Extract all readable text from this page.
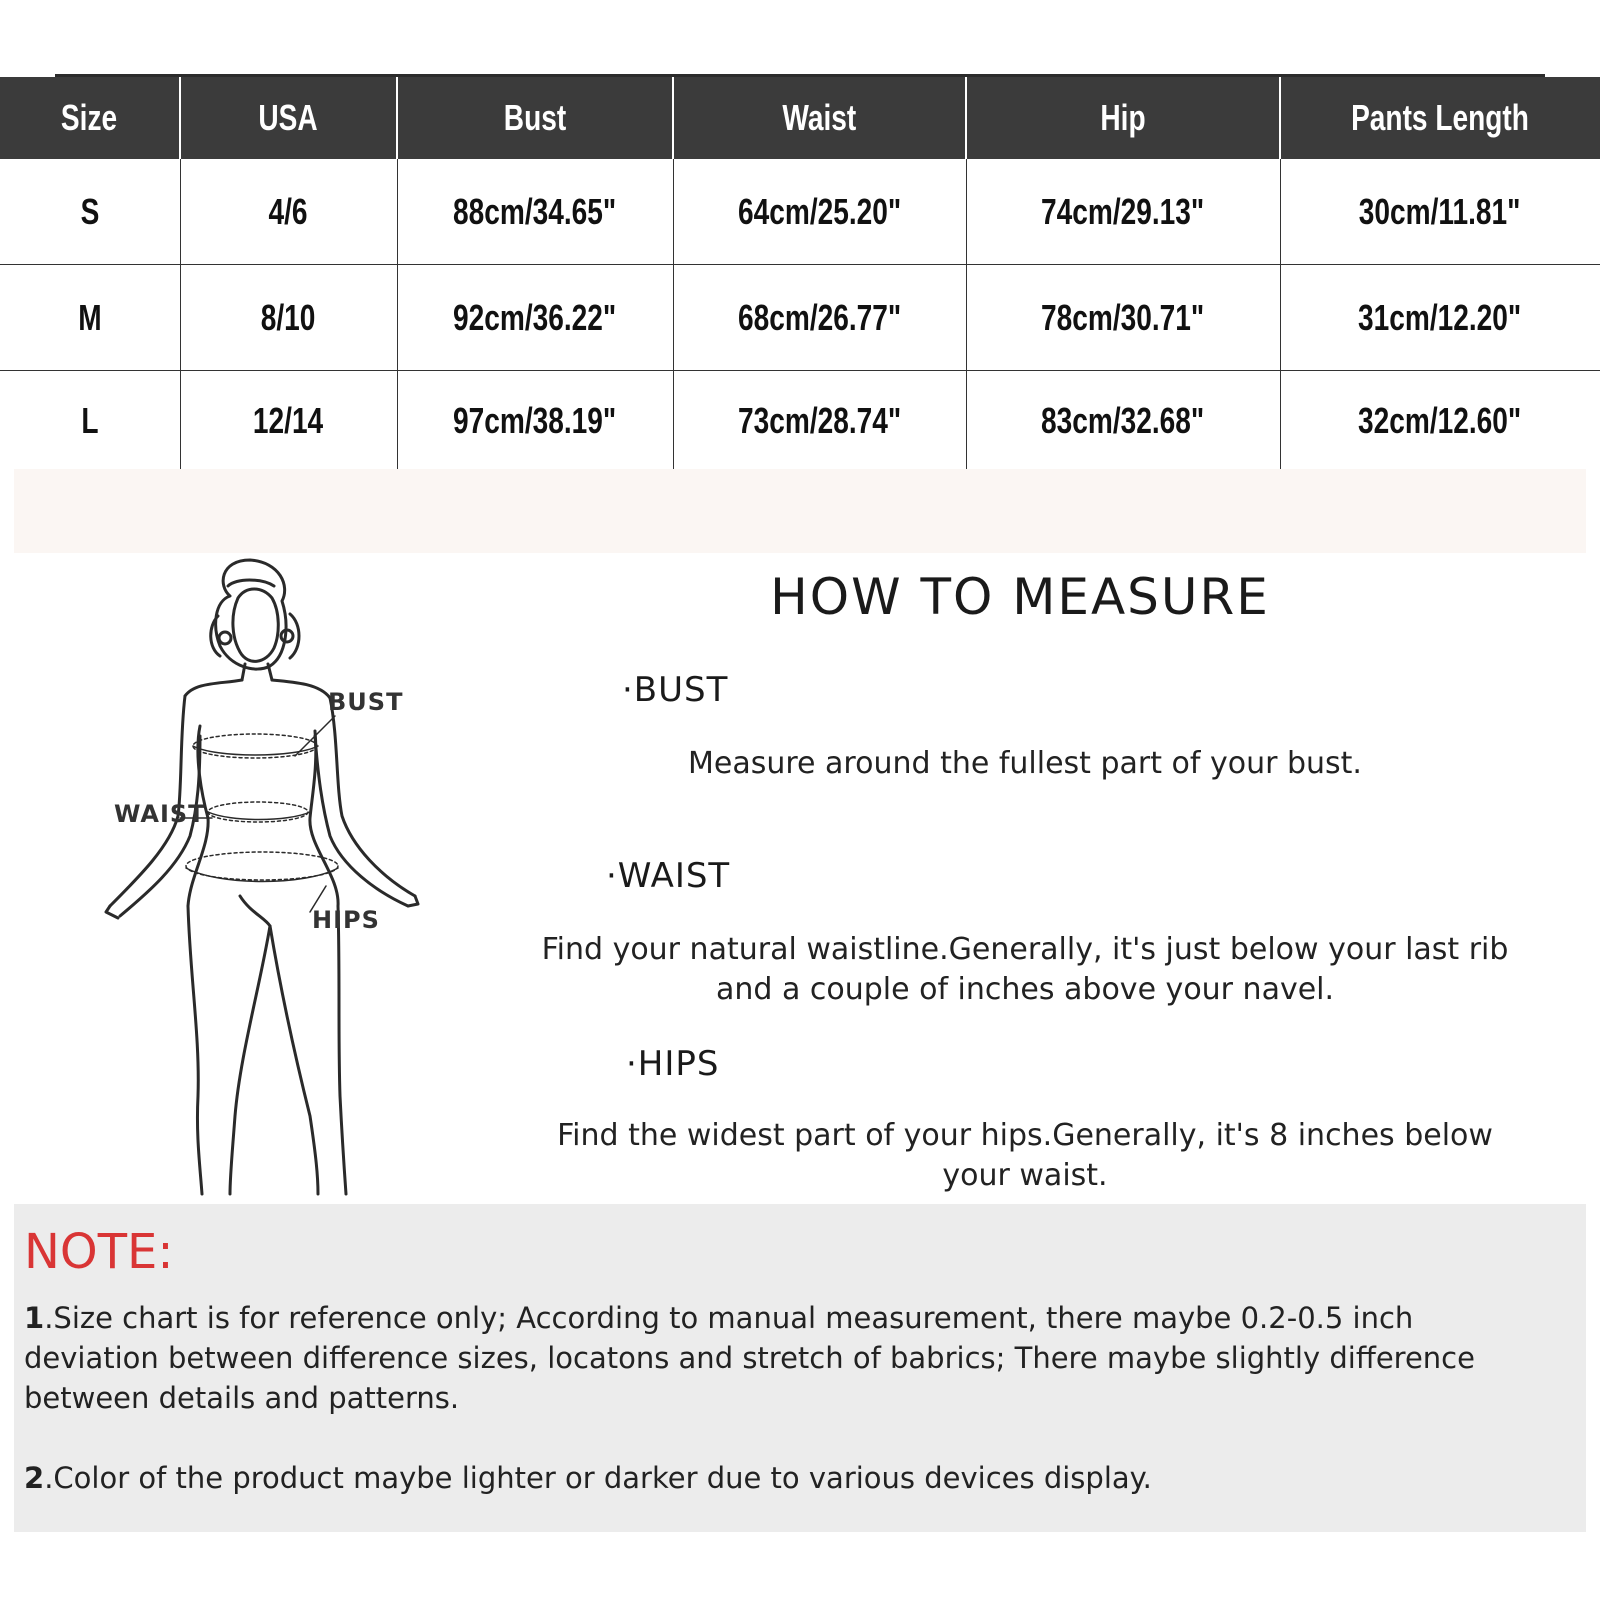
Size	USA	Bust	Waist	Hip	Pants Length
S	4/6	88cm/34.65"	64cm/25.20"	74cm/29.13"	30cm/11.81"
M	8/10	92cm/36.22"	68cm/26.77"	78cm/30.71"	31cm/12.20"
L	12/14	97cm/38.19"	73cm/28.74"	83cm/32.68"	32cm/12.60"
BUST
WAIST
HIPS
HOW TO MEASURE
·BUST
Measure around the fullest part of your bust.
·WAIST
Find your natural waistline.Generally, it's just below your last rib
and a couple of inches above your navel.
·HIPS
Find the widest part of your hips.Generally, it's 8 inches below
your waist.
NOTE:
1.Size chart is for reference only; According to manual measurement, there maybe 0.2-0.5 inch
deviation between difference sizes, locatons and stretch of babrics; There maybe slightly difference
between details and patterns.
2.Color of the product maybe lighter or darker due to various devices display.
